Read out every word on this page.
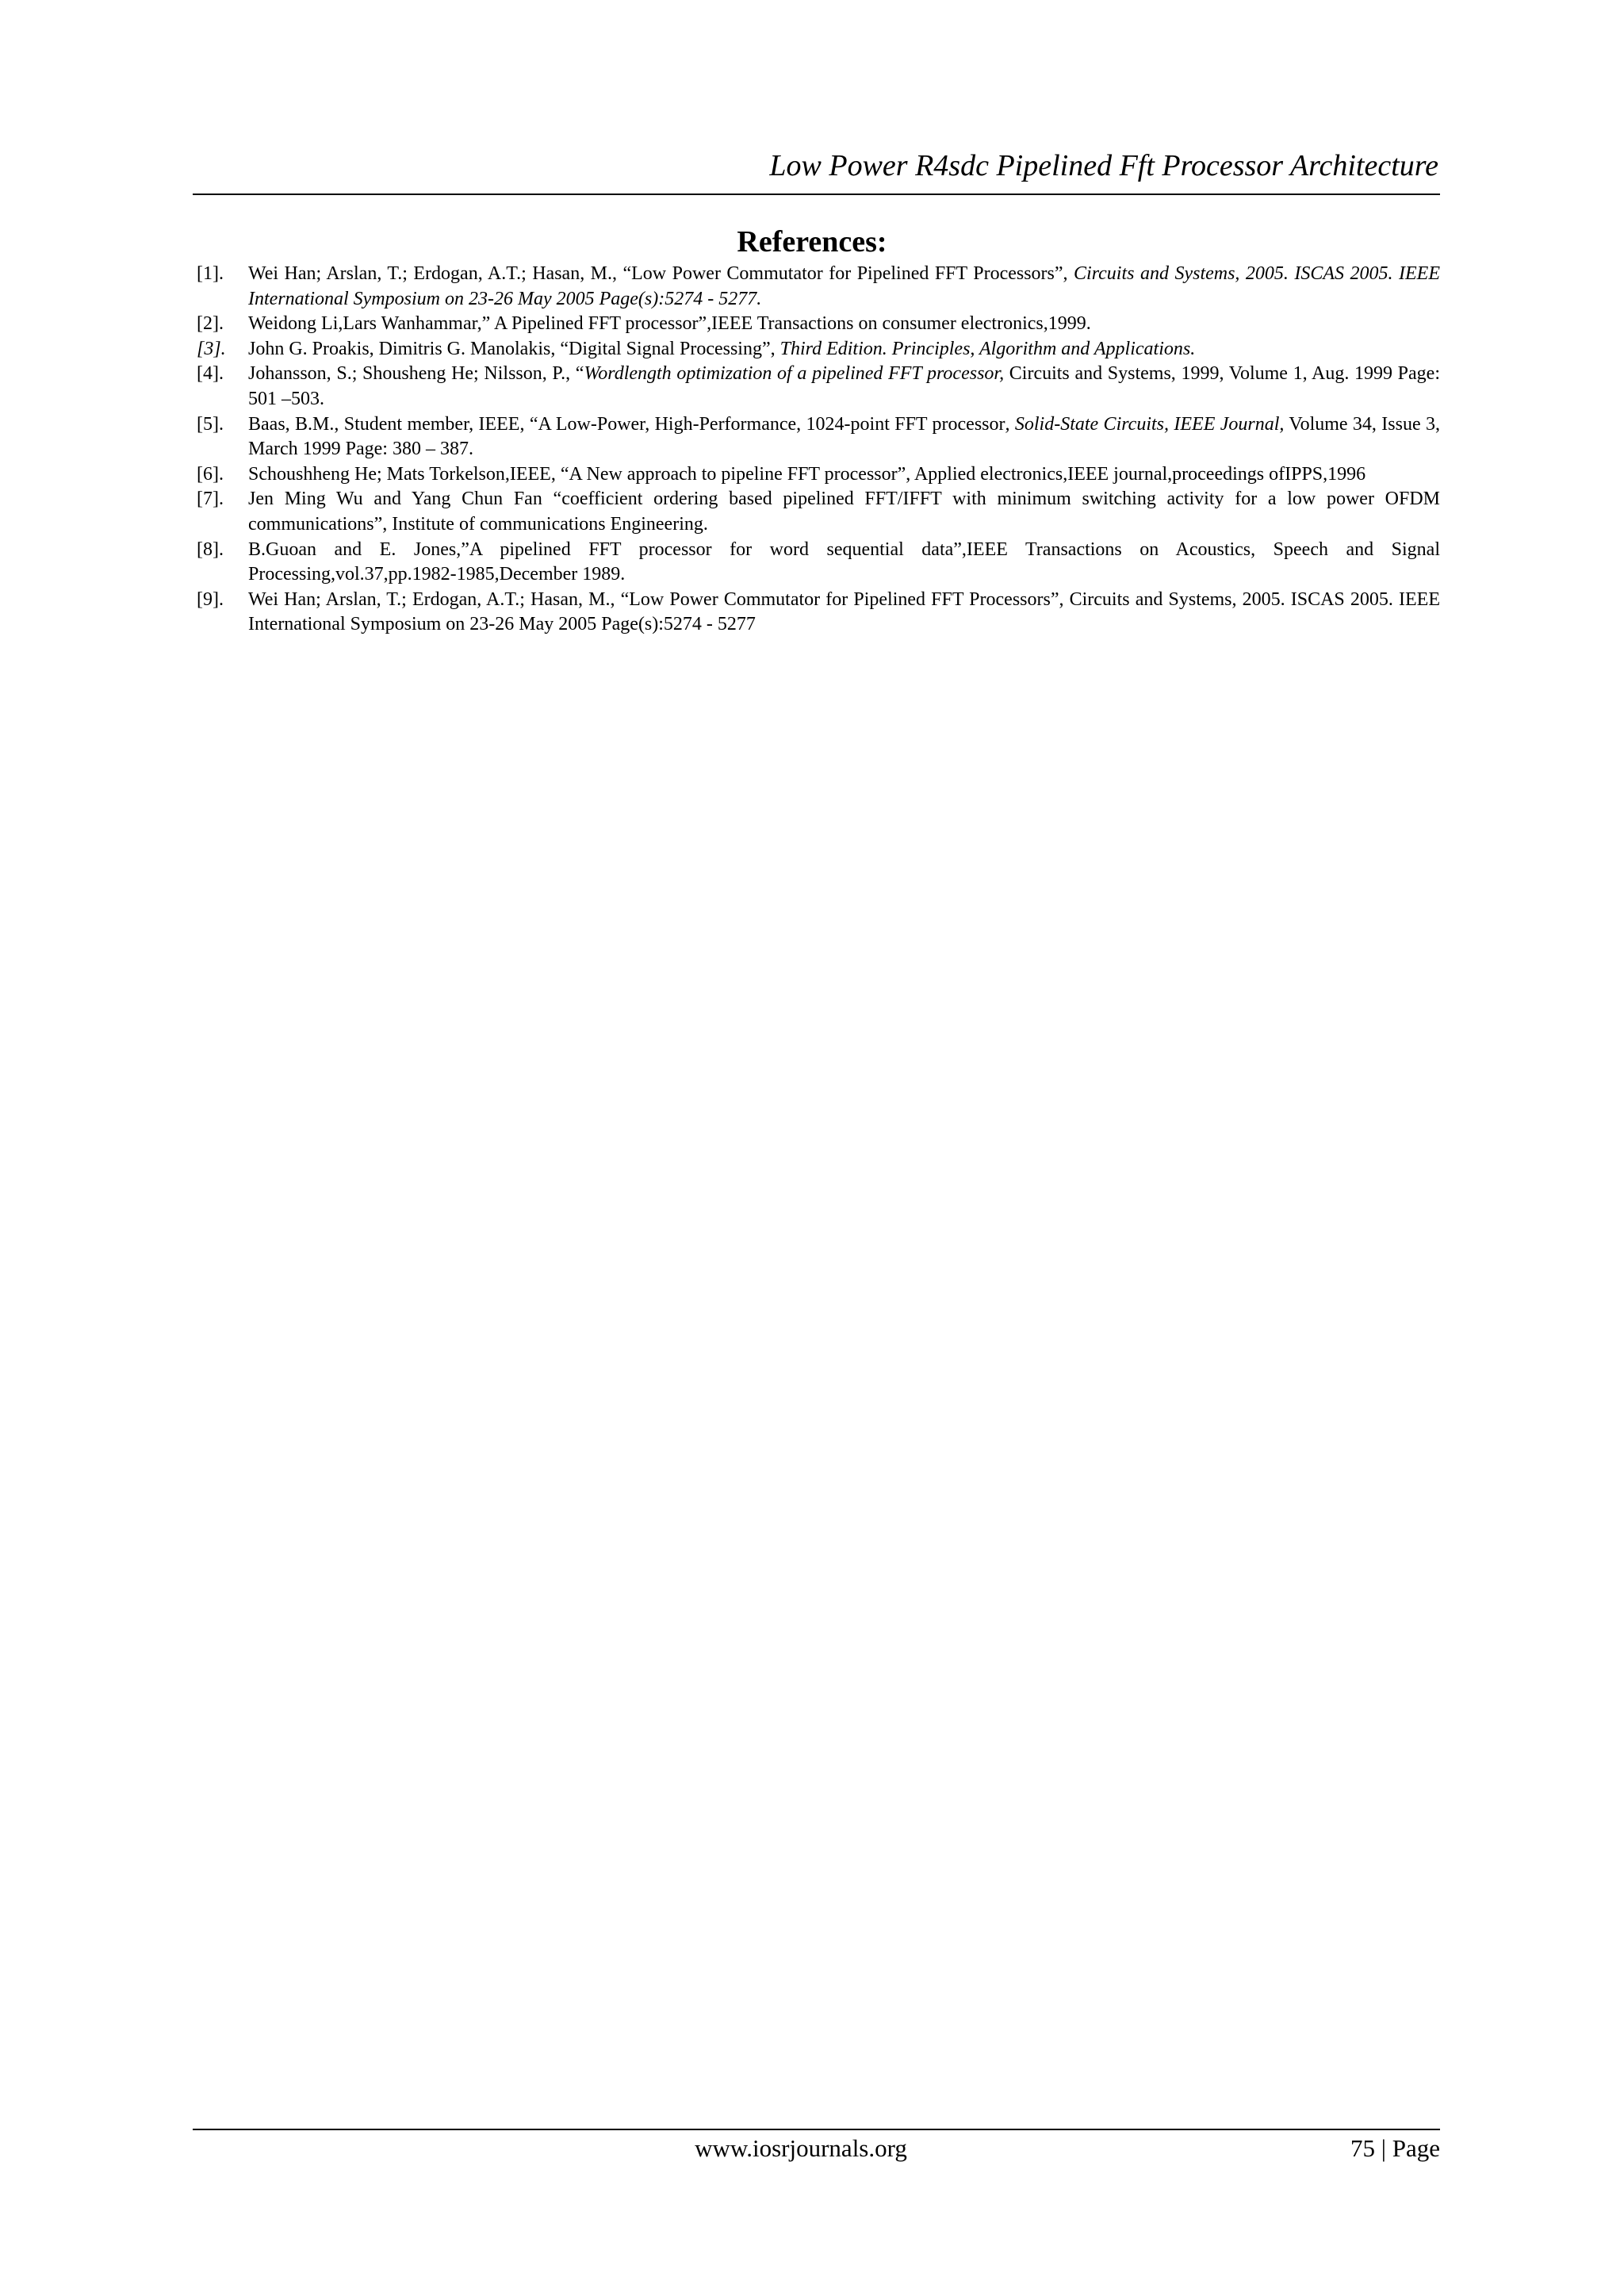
Low Power R4sdc Pipelined Fft Processor Architecture
References:
[1]. Wei Han; Arslan, T.; Erdogan, A.T.; Hasan, M., “Low Power Commutator for Pipelined FFT Processors”, Circuits and Systems, 2005. ISCAS 2005. IEEE International Symposium on 23-26 May 2005 Page(s):5274 - 5277.
[2]. Weidong Li,Lars Wanhammar,” A Pipelined FFT processor”,IEEE Transactions on consumer electronics,1999.
[3]. John G. Proakis, Dimitris G. Manolakis, “Digital Signal Processing”, Third Edition. Principles, Algorithm and Applications.
[4]. Johansson, S.; Shousheng He; Nilsson, P., “Wordlength optimization of a pipelined FFT processor, Circuits and Systems, 1999, Volume 1, Aug. 1999 Page: 501 –503.
[5]. Baas, B.M., Student member, IEEE, “A Low-Power, High-Performance, 1024-point FFT processor, Solid-State Circuits, IEEE Journal, Volume 34, Issue 3, March 1999 Page: 380 – 387.
[6]. Schoushheng He; Mats Torkelson,IEEE, “A New approach to pipeline FFT processor”, Applied electronics,IEEE journal,proceedings ofIPPS,1996
[7]. Jen Ming Wu and Yang Chun Fan “coefficient ordering based pipelined FFT/IFFT with minimum switching activity for a low power OFDM communications”, Institute of communications Engineering.
[8]. B.Guoan and E. Jones,”A pipelined FFT processor for word sequential data”,IEEE Transactions on Acoustics, Speech and Signal Processing,vol.37,pp.1982-1985,December 1989.
[9]. Wei Han; Arslan, T.; Erdogan, A.T.; Hasan, M., “Low Power Commutator for Pipelined FFT Processors”, Circuits and Systems, 2005. ISCAS 2005. IEEE International Symposium on 23-26 May 2005 Page(s):5274 - 5277
www.iosrjournals.org	75 | Page
